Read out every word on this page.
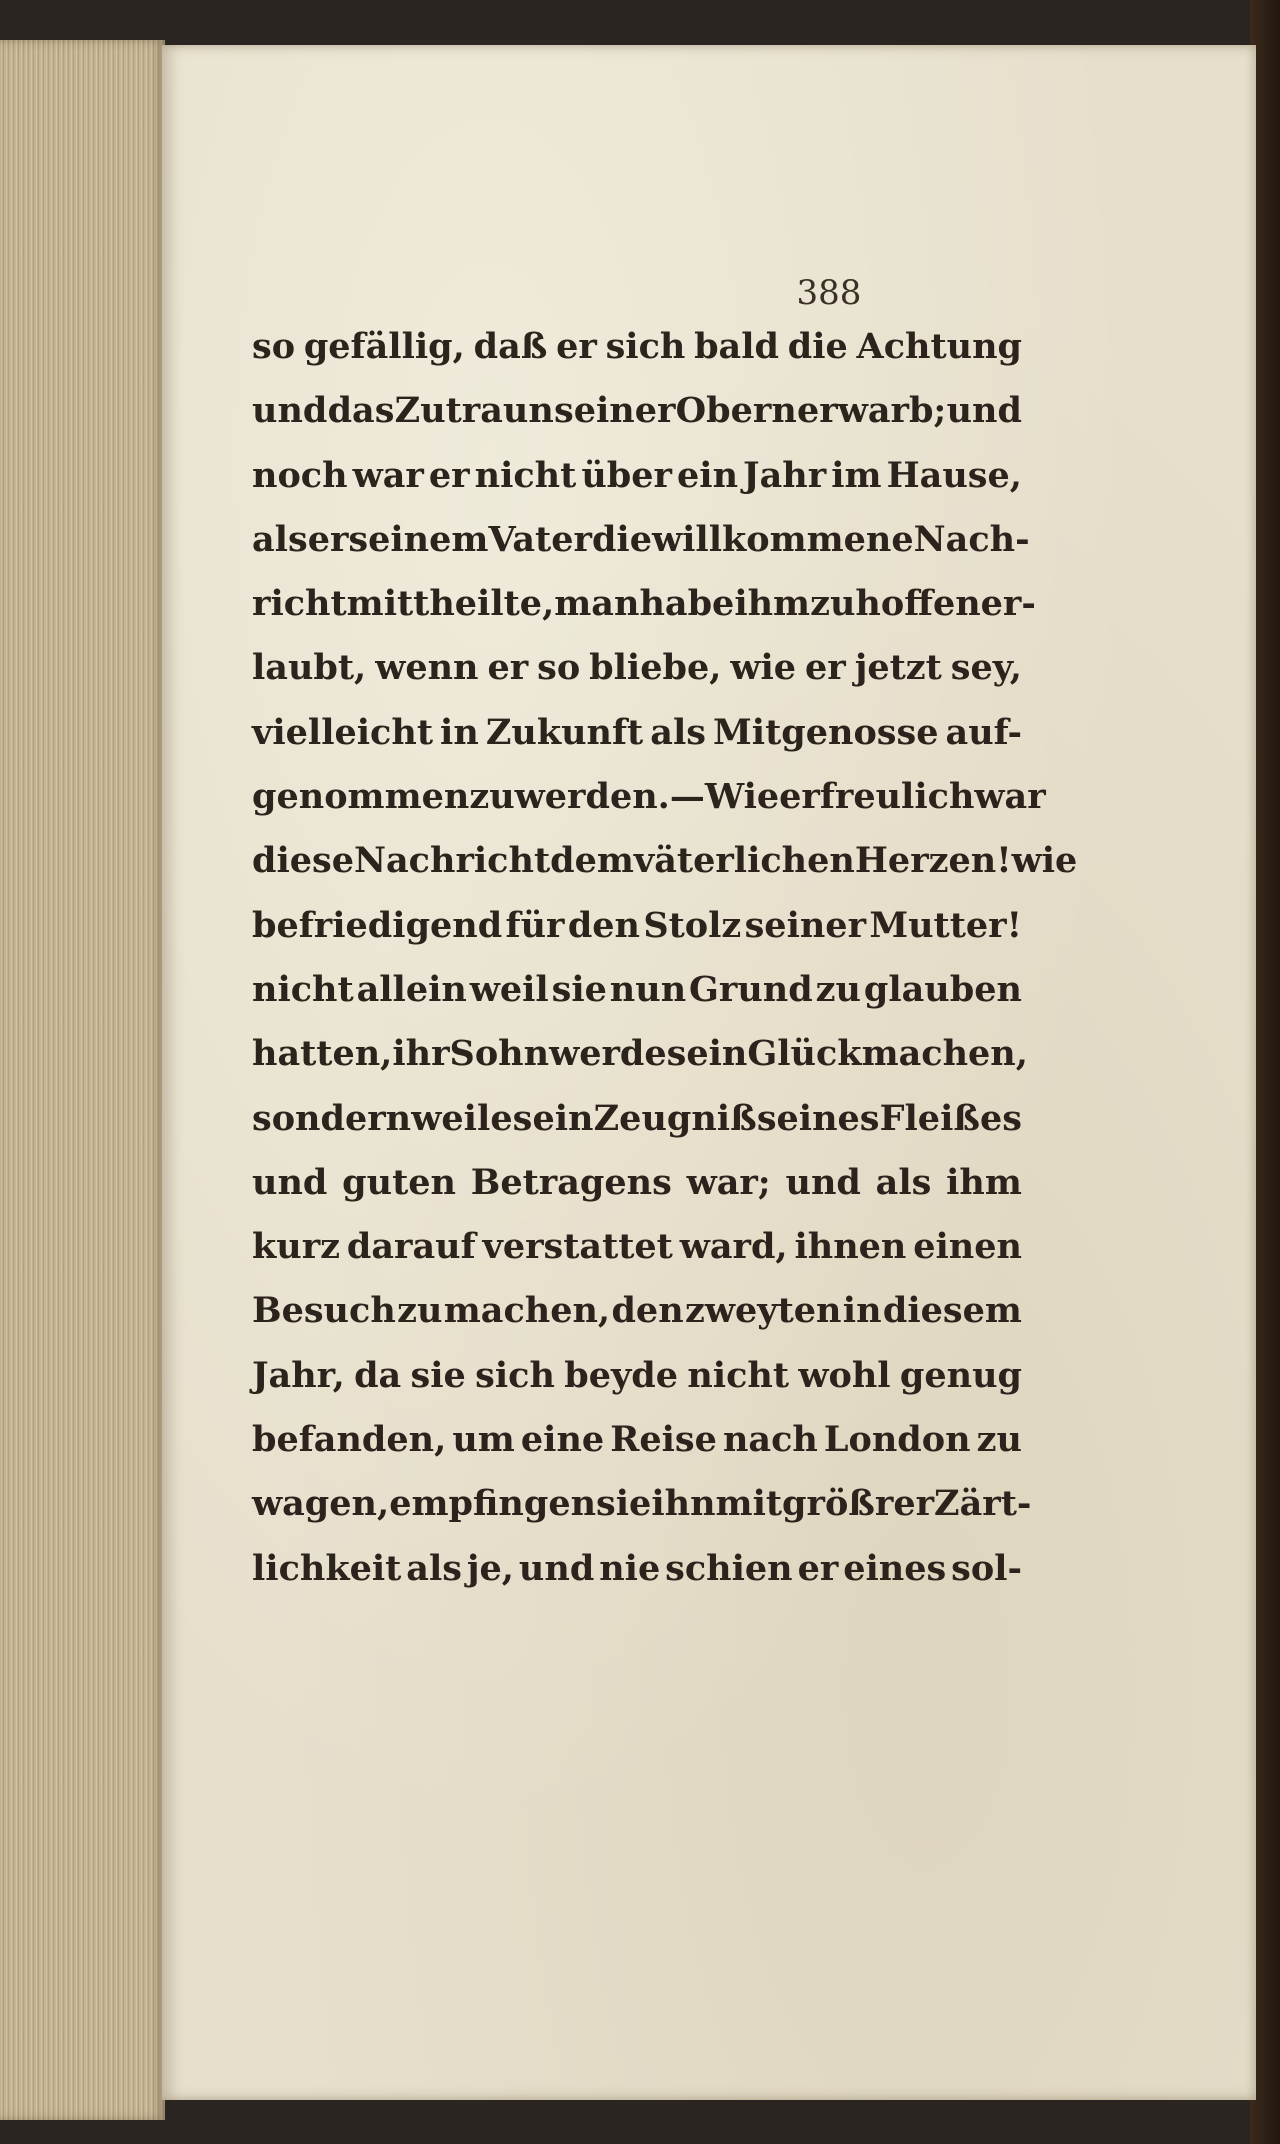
388
so gefällig, daß er sich bald die Achtung
und das Zutraun seiner Obern erwarb; und
noch war er nicht über ein Jahr im Hause,
als er seinem Vater die willkommene Nach-
richt mittheilte, man habe ihm zu hoffen er-
laubt, wenn er so bliebe, wie er jetzt sey,
vielleicht in Zukunft als Mitgenosse auf-
genommen zu werden. — Wie erfreulich war
diese Nachricht dem väterlichen Herzen! wie
befriedigend für den Stolz seiner Mutter!
nicht allein weil sie nun Grund zu glauben
hatten, ihr Sohn werde sein Glück machen,
sondern weil es ein Zeugniß seines Fleißes
und guten Betragens war; und als ihm
kurz darauf verstattet ward, ihnen einen
Besuch zu machen, den zweyten in diesem
Jahr, da sie sich beyde nicht wohl genug
befanden, um eine Reise nach London zu
wagen, empfingen sie ihn mit größrer Zärt-
lichkeit als je, und nie schien er eines sol-
